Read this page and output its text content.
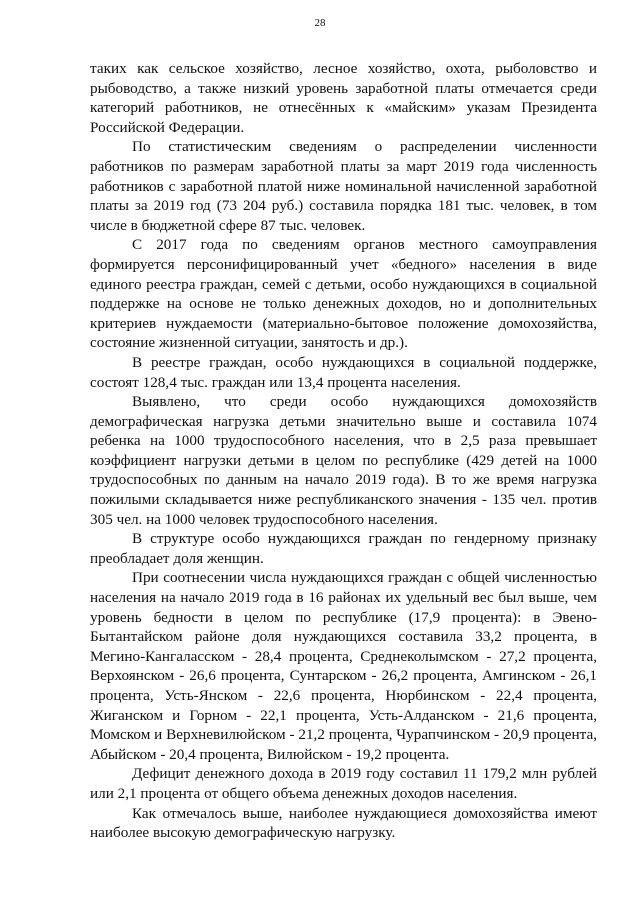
28

таких как сельское хозяйство, лесное хозяйство, охота, рыболовство и рыбоводство, а также низкий уровень заработной платы отмечается среди категорий работников, не отнесённых к «майским» указам Президента Российской Федерации.

По статистическим сведениям о распределении численности работников по размерам заработной платы за март 2019 года численность работников с заработной платой ниже номинальной начисленной заработной платы за 2019 год (73 204 руб.) составила порядка 181 тыс. человек, в том числе в бюджетной сфере 87 тыс. человек.

С 2017 года по сведениям органов местного самоуправления формируется персонифицированный учет «бедного» населения в виде единого реестра граждан, семей с детьми, особо нуждающихся в социальной поддержке на основе не только денежных доходов, но и дополнительных критериев нуждаемости (материально-бытовое положение домохозяйства, состояние жизненной ситуации, занятость и др.).

В реестре граждан, особо нуждающихся в социальной поддержке, состоят 128,4 тыс. граждан или 13,4 процента населения.

Выявлено, что среди особо нуждающихся домохозяйств демографическая нагрузка детьми значительно выше и составила 1074 ребенка на 1000 трудоспособного населения, что в 2,5 раза превышает коэффициент нагрузки детьми в целом по республике (429 детей на 1000 трудоспособных по данным на начало 2019 года). В то же время нагрузка пожилыми складывается ниже республиканского значения - 135 чел. против 305 чел. на 1000 человек трудоспособного населения.

В структуре особо нуждающихся граждан по гендерному признаку преобладает доля женщин.

При соотнесении числа нуждающихся граждан с общей численностью населения на начало 2019 года в 16 районах их удельный вес был выше, чем уровень бедности в целом по республике (17,9 процента): в Эвено-Бытантайском районе доля нуждающихся составила 33,2 процента, в Мегино-Кангаласском - 28,4 процента, Среднеколымском - 27,2 процента, Верхоянском - 26,6 процента, Сунтарском - 26,2 процента, Амгинском - 26,1 процента, Усть-Янском - 22,6 процента, Нюрбинском - 22,4 процента, Жиганском и Горном - 22,1 процента, Усть-Алданском - 21,6 процента, Момском и Верхневилюйском - 21,2 процента, Чурапчинском - 20,9 процента, Абыйском - 20,4 процента, Вилюйском - 19,2 процента.

Дефицит денежного дохода в 2019 году составил 11 179,2 млн рублей или 2,1 процента от общего объема денежных доходов населения.

Как отмечалось выше, наиболее нуждающиеся домохозяйства имеют наиболее высокую демографическую нагрузку.
